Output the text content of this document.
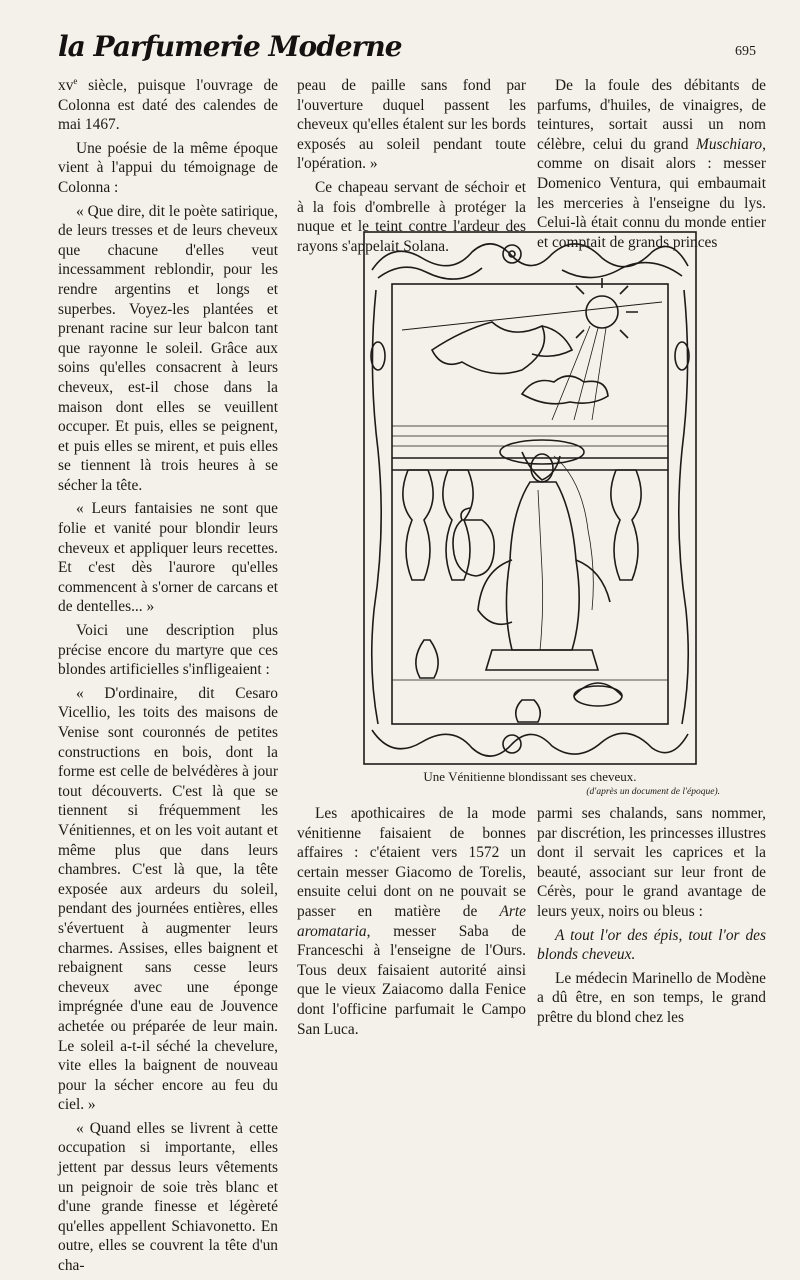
la Parfumerie Moderne	695

$xv^e$ siècle, puisque l'ouvrage de Colonna est daté des calendes de mai 1467.

Une poésie de la même époque vient à l'appui du témoignage de Colonna :

« Que dire, dit le poète satirique, de leurs tresses et de leurs cheveux que chacune d'elles veut incessamment reblondir, pour les rendre argentins et longs et superbes. Voyez-les plantées et prenant racine sur leur balcon tant que rayonne le soleil. Grâce aux soins qu'elles consacrent à leurs cheveux, est-il chose dans la maison dont elles se veuillent occuper. Et puis, elles se peignent, et puis elles se mirent, et puis elles se tiennent là trois heures à se sécher la tête.

« Leurs fantaisies ne sont que folie et vanité pour blondir leurs cheveux et appliquer leurs recettes. Et c'est dès l'aurore qu'elles commencent à s'orner de carcans et de dentelles... »

Voici une description plus précise encore du martyre que ces blondes artificielles s'infligeaient :

« D'ordinaire, dit Cesaro Vicellio, les toits des maisons de Venise sont couronnés de petites constructions en bois, dont la forme est celle de belvédères à jour tout découverts. C'est là que se tiennent si fréquemment les Vénitiennes, et on les voit autant et même plus que dans leurs chambres. C'est là que, la tête exposée aux ardeurs du soleil, pendant des journées entières, elles s'évertuent à augmenter leurs charmes. Assises, elles baignent et rebaignent sans cesse leurs cheveux avec une éponge imprégnée d'une eau de Jouvence achetée ou préparée de leur main. Le soleil a-t-il séché la chevelure, vite elles la baignent de nouveau pour la sécher encore au feu du ciel. »

« Quand elles se livrent à cette occupation si importante, elles jettent par dessus leurs vêtements un peignoir de soie très blanc et d'une grande finesse et légèreté qu'elles appellent Schiavonetto. En outre, elles se couvrent la tête d'un cha-

peau de paille sans fond par l'ouverture duquel passent les cheveux qu'elles étalent sur les bords exposés au soleil pendant toute l'opération. »

Ce chapeau servant de séchoir et à la fois d'ombrelle à protéger la nuque et le teint contre l'ardeur des rayons s'appelait Solana.

De la foule des débitants de parfums, d'huiles, de vinaigres, de teintures, sortait aussi un nom célèbre, celui du grand Muschiaro, comme on disait alors : messer Domenico Ventura, qui embaumait les merceries à l'enseigne du lys. Celui-là était connu du monde entier et comptait de grands princes

Une Vénitienne blondissant ses cheveux.
(d'après un document de l'époque).

Les apothicaires de la mode vénitienne faisaient de bonnes affaires : c'étaient vers 1572 un certain messer Giacomo de Torelis, ensuite celui dont on ne pouvait se passer en matière de Arte aromataria, messer Saba de Franceschi à l'enseigne de l'Ours. Tous deux faisaient autorité ainsi que le vieux Zaiacomo dalla Fenice dont l'officine parfumait le Campo San Luca.

parmi ses chalands, sans nommer, par discrétion, les princesses illustres dont il servait les caprices et la beauté, associant sur leur front de Cérès, pour le grand avantage de leurs yeux, noirs ou bleus :

A tout l'or des épis, tout l'or des blonds cheveux.

Le médecin Marinello de Modène a dû être, en son temps, le grand prêtre du blond chez les
